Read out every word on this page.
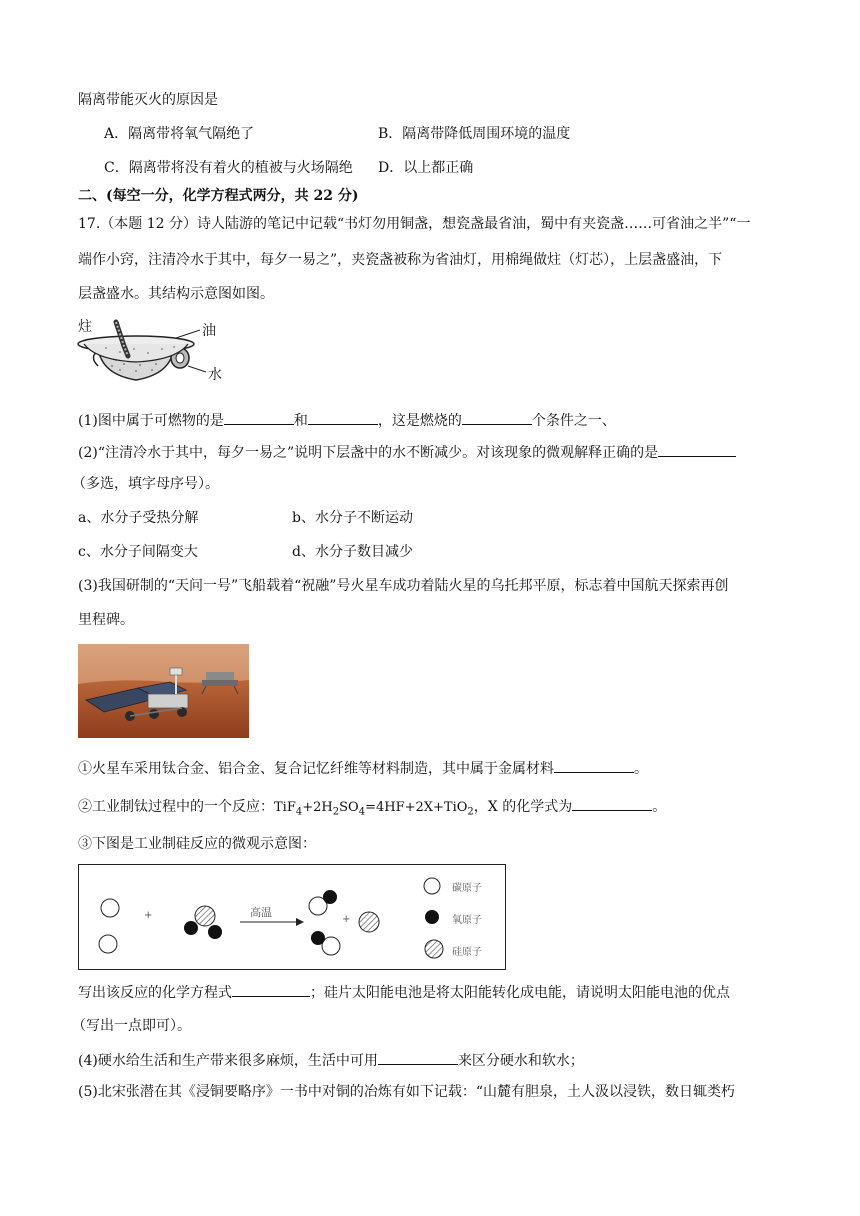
隔离带能灭火的原因是
A．隔离带将氧气隔绝了	B．隔离带降低周围环境的温度
C．隔离带将没有着火的植被与火场隔绝 D．以上都正确
二、(每空一分，化学方程式两分，共 22 分)
17.（本题 12 分）诗人陆游的笔记中记载“书灯勿用铜盏，想瓷盏最省油，蜀中有夹瓷盏……可省油之半”“一
端作小窍，注清冷水于其中，每夕一易之”，夹瓷盏被称为省油灯，用棉绳做炷（灯芯），上层盏盛油，下
层盏盛水。其结构示意图如图。
炷	油
水
(1)图中属于可燃物的是	和	，这是燃烧的	个条件之一、
(2)“注清冷水于其中，每夕一易之”说明下层盏中的水不断减少。对该现象的微观解释正确的是
（多选，填字母序号）。
a、水分子受热分解	b、水分子不断运动
c、水分子间隔变大	d、水分子数目减少
(3)我国研制的“天问一号”飞船载着“祝融”号火星车成功着陆火星的乌托邦平原，标志着中国航天探索再创
里程碑。
①火星车采用钛合金、铝合金、复合记忆纤维等材料制造，其中属于金属材料	。
②工业制钛过程中的一个反应：$TiF_4+2H_2SO_4=4HF+2X+TiO_2$，X 的化学式为	。
③下图是工业制硅反应的微观示意图：
+	高温
+
碳原子
氧原子
硅原子
写出该反应的化学方程式	；硅片太阳能电池是将太阳能转化成电能，请说明太阳能电池的优点
（写出一点即可）。
(4)硬水给生活和生产带来很多麻烦，生活中可用	来区分硬水和软水；
(5)北宋张潜在其《浸铜要略序》一书中对铜的冶炼有如下记载：“山麓有胆泉，土人汲以浸铁，数日辄类朽
